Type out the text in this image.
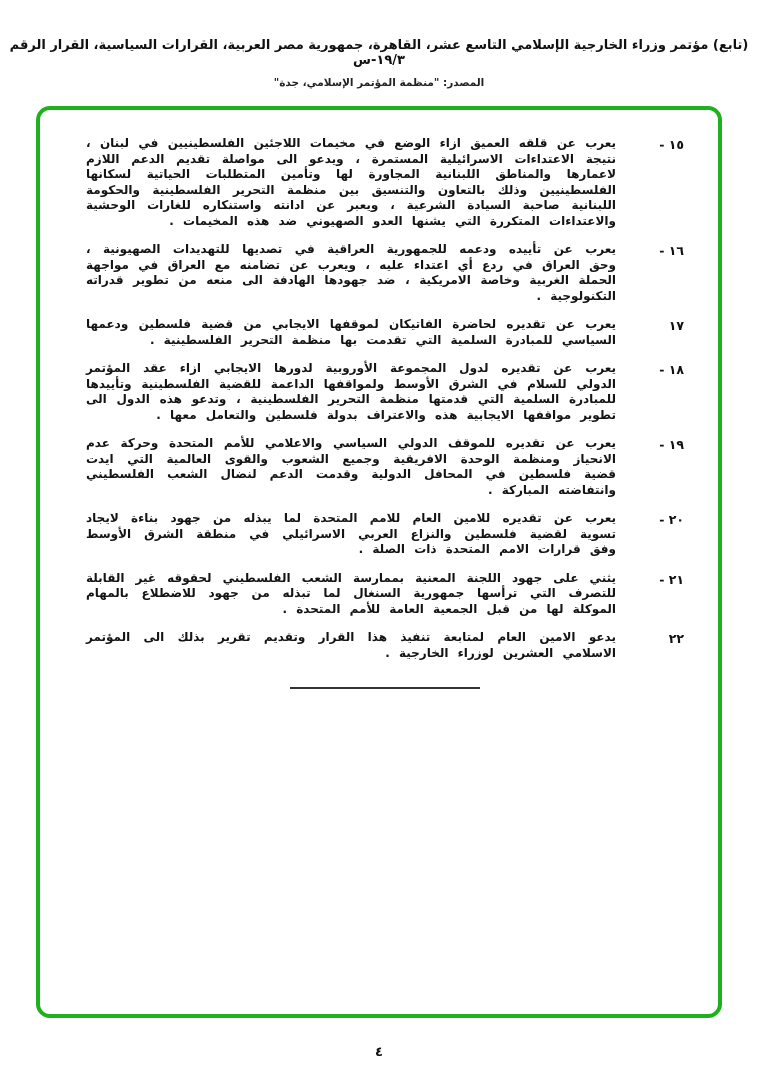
(تابع) مؤتمر وزراء الخارجية الإسلامي التاسع عشر، القاهرة، جمهورية مصر العربية، القرارات السياسية، القرار الرقم ١٩/٣-س
المصدر: "منظمة المؤتمر الإسلامي، جدة"
١٥ -
يعرب عن قلقه العميق ازاء الوضع في مخيمات اللاجئين الفلسطينيين في لبنان ، نتيجة الاعتداءات الاسرائيلية المستمرة ، ويدعو الى مواصلة تقديم الدعم اللازم لاعمارها والمناطق اللبنانية المجاورة لها وتأمين المتطلبات الحياتية لسكانها الفلسطينيين وذلك بالتعاون والتنسيق بين منظمة التحرير الفلسطينية والحكومة اللبنانية صاحبة السيادة الشرعية ، ويعبر عن ادانته واستنكاره للغارات الوحشية والاعتداءات المتكررة التي يشنها العدو الصهيوني ضد هذه المخيمات .
١٦ -
يعرب عن تأييده ودعمه للجمهورية العراقية في تصديها للتهديدات الصهيونية ، وحق العراق في ردع أي اعتداء عليه ، ويعرب عن تضامنه مع العراق في مواجهة الحملة الغربية وخاصة الامريكية ، ضد جهودها الهادفة الى منعه من تطوير قدراته التكنولوجية .
١٧
يعرب عن تقديره لحاضرة الفاتيكان لموقفها الايجابي من قضية فلسطين ودعمها السياسي للمبادرة السلمية التي تقدمت بها منظمة التحرير الفلسطينية .
١٨ -
يعرب عن تقديره لدول المجموعة الأوروبية لدورها الايجابي ازاء عقد المؤتمر الدولي للسلام في الشرق الأوسط ولمواقفها الداعمة للقضية الفلسطينية وتأييدها للمبادرة السلمية التي قدمتها منظمة التحرير الفلسطينية ، وتدعو هذه الدول الى تطوير مواقفها الايجابية هذه والاعتراف بدولة فلسطين والتعامل معها .
١٩ -
يعرب عن تقديره للموقف الدولي السياسي والاعلامي للأمم المتحدة وحركة عدم الانحياز ومنظمة الوحدة الافريقية وجميع الشعوب والقوى العالمية التي ايدت قضية فلسطين في المحافل الدولية وقدمت الدعم لنضال الشعب الفلسطيني وانتفاضته المباركة .
٢٠ -
يعرب عن تقديره للامين العام للامم المتحدة لما يبذله من جهود بناءة لايجاد تسوية لقضية فلسطين والنزاع العربي الاسرائيلي في منطقة الشرق الأوسط وفق قرارات الامم المتحدة ذات الصلة .
٢١ -
يثني على جهود اللجنة المعنية بممارسة الشعب الفلسطيني لحقوقه غير القابلة للتصرف التي ترأسها جمهورية السنغال لما تبذله من جهود للاضطلاع بالمهام الموكلة لها من قبل الجمعية العامة للأمم المتحدة .
٢٢
يدعو الامين العام لمتابعة تنفيذ هذا القرار وتقديم تقرير بذلك الى المؤتمر الاسلامي العشرين لوزراء الخارجية .
٤
